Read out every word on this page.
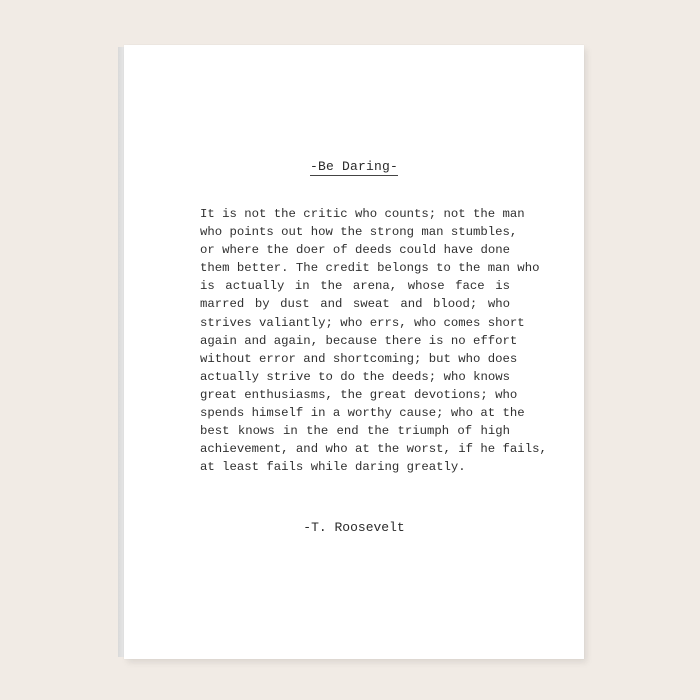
-Be Daring-

It is not the critic who counts; not the man
who points out how the strong man stumbles,
or where the doer of deeds could have done
them better. The credit belongs to the man who
is actually in the arena, whose face is
marred by dust and sweat and blood; who
strives valiantly; who errs, who comes short
again and again, because there is no effort
without error and shortcoming; but who does
actually strive to do the deeds; who knows
great enthusiasms, the great devotions; who
spends himself in a worthy cause; who at the
best knows in the end the triumph of high
achievement, and who at the worst, if he fails,
at least fails while daring greatly.

-T. Roosevelt
